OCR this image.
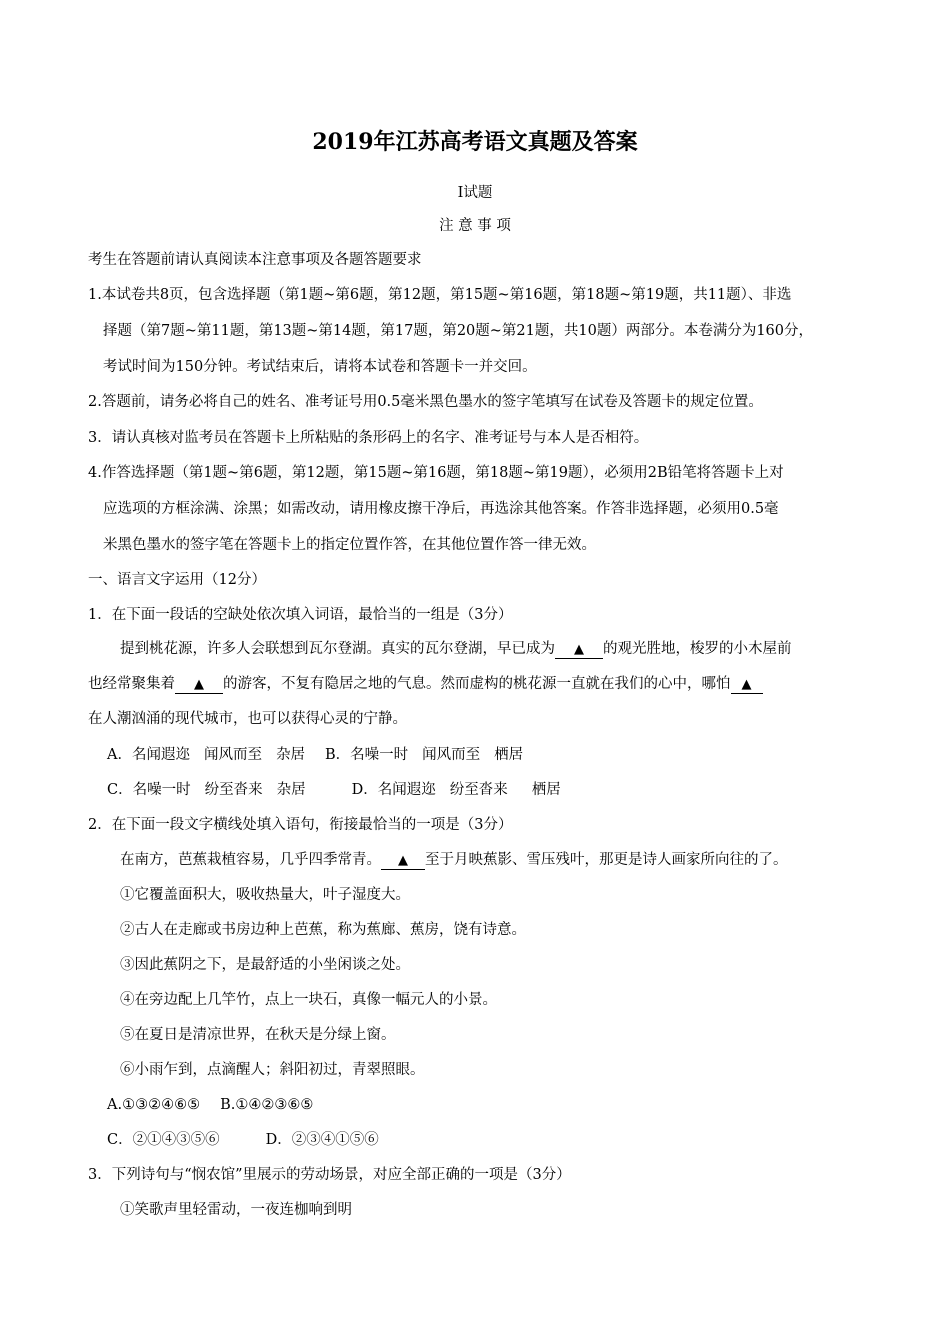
2019年江苏高考语文真题及答案
I试题
注 意 事 项
考生在答题前请认真阅读本注意事项及各题答题要求
1.本试卷共8页，包含选择题（第1题~第6题，第12题，第15题~第16题，第18题~第19题，共11题）、非选
择题（第7题~第11题，第13题~第14题，第17题，第20题~第21题，共10题）两部分。本卷满分为160分，
考试时间为150分钟。考试结束后，请将本试卷和答题卡一并交回。
2.答题前，请务必将自己的姓名、准考证号用0.5毫米黑色墨水的签字笔填写在试卷及答题卡的规定位置。
3．请认真核对监考员在答题卡上所粘贴的条形码上的名字、准考证号与本人是否相符。
4.作答选择题（第1题~第6题，第12题，第15题~第16题，第18题~第19题），必须用2B铅笔将答题卡上对
应选项的方框涂满、涂黑；如需改动，请用橡皮擦干净后，再选涂其他答案。作答非选择题，必须用0.5毫
米黑色墨水的签字笔在答题卡上的指定位置作答，在其他位置作答一律无效。
一、语言文字运用（12分）
1．在下面一段话的空缺处依次填入词语，最恰当的一组是（3分）
提到桃花源，许多人会联想到瓦尔登湖。真实的瓦尔登湖，早已成为 ▲ 的观光胜地，梭罗的小木屋前
也经常聚集着 ▲ 的游客，不复有隐居之地的气息。然而虚构的桃花源一直就在我们的心中，哪怕 ▲
在人潮汹涌的现代城市，也可以获得心灵的宁静。
A．名闻遐迩 闻风而至 杂居 B．名噪一时 闻风而至 栖居
C．名噪一时 纷至沓来 杂居	D．名闻遐迩 纷至沓来 栖居
2．在下面一段文字横线处填入语句，衔接最恰当的一项是（3分）
在南方，芭蕉栽植容易，几乎四季常青。 ▲ 至于月映蕉影、雪压残叶，那更是诗人画家所向往的了。
①它覆盖面积大，吸收热量大，叶子湿度大。
②古人在走廊或书房边种上芭蕉，称为蕉廊、蕉房，饶有诗意。
③因此蕉阴之下，是最舒适的小坐闲谈之处。
④在旁边配上几竿竹，点上一块石，真像一幅元人的小景。
⑤在夏日是清凉世界，在秋天是分绿上窗。
⑥小雨乍到，点滴醒人；斜阳初过，青翠照眼。
A.①③②④⑥⑤ B.①④②③⑥⑤
C．②①④③⑤⑥	D．②③④①⑤⑥
3．下列诗句与“悯农馆”里展示的劳动场景，对应全部正确的一项是（3分）
①笑歌声里轻雷动，一夜连枷响到明
